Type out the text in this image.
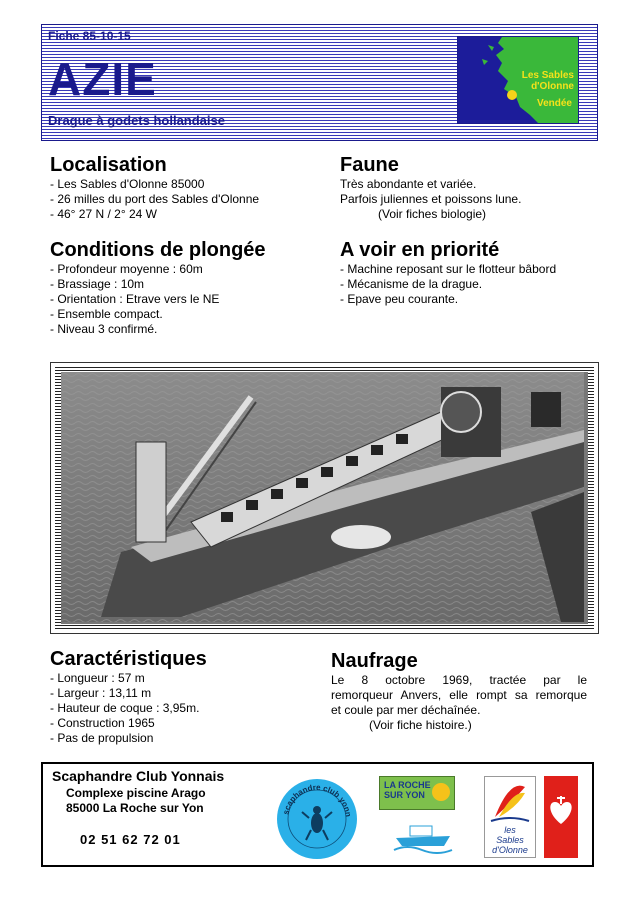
Fiche 85-10-15
AZIE
Drague à godets hollandaise
Les Sables
d'Olonne
Vendée
Localisation
- Les Sables d'Olonne 85000
- 26 milles du port des Sables d'Olonne
- 46° 27 N / 2° 24 W
Faune

Très abondante et variée.

Parfois juliennes et poissons lune.

(Voir fiches biologie)

Conditions de plongée
- Profondeur moyenne : 60m
- Brassiage : 10m
- Orientation : Etrave vers le NE
- Ensemble compact.
- Niveau 3 confirmé.
A voir en priorité
- Machine reposant sur le flotteur bâbord
- Mécanisme de la drague.
- Epave peu courante.
Caractéristiques
- Longueur : 57 m
- Largeur : 13,11 m
- Hauteur de coque : 3,95m.
- Construction 1965
- Pas de propulsion
Naufrage

Le 8 octobre 1969, tractée par le

remorqueur Anvers, elle rompt sa remorque

et coule par mer déchaînée.

(Voir fiche histoire.)

Scaphandre Club Yonnais
Complexe piscine Arago
85000 La Roche sur Yon
02 51 62 72 01
scaphandre club yonn
LA ROCHE
SUR YON
les
Sables
d'Olonne
